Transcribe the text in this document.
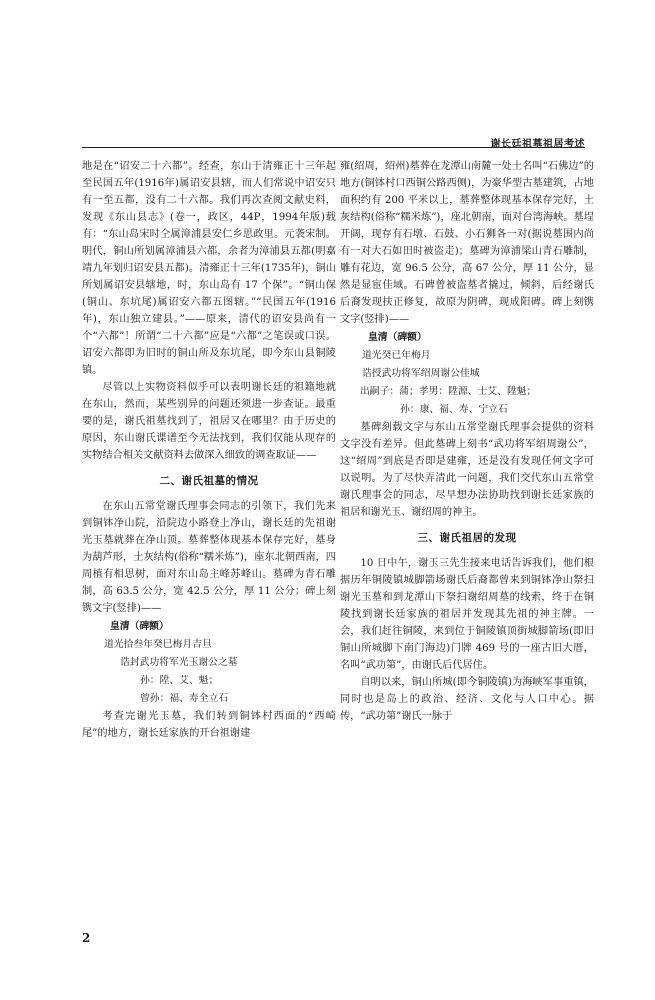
谢长廷祖墓祖居考述

地是在“诏安二十六都”。经查，东山于清雍正十三年起至民国五年(1916年)属诏安县辖，而人们常说中诏安只有一至五都，没有二十六都。我们再次查阅文献史料，发现《东山县志》(卷一，政区，44P，1994年版)载有：“东山岛宋时仝属漳浦县安仁乡思政里。元袭宋制。明代，铜山所划属漳浦县六都，余者为漳浦县五都(明嘉靖九年划归诏安县五都)。清雍正十三年(1735年)，铜山所划属诏安县辖地，时，东山岛有 17 个保”。“铜山保(铜山、东坑尾)属诏安六都五图辖。”“民国五年(1916年)，东山独立建县。”——原来，清代的诏安县尚有一个“六都”！所谓“二十六都”应是“六都”之笔误或口误。诏安六都即为旧时的铜山所及东坑尾，即今东山县铜陵镇。

尽管以上实物资料似乎可以表明谢长廷的祖籍地就在东山，然而，某些别异的问题还须进一步查证。最重要的是，谢氏祖墓找到了，祖居又在哪里？由于历史的原因，东山谢氏谍谱至今无法找到，我们仅能从现存的实物结合相关文献资料去做深入细致的调查取证——

二、谢氏祖墓的情况

在东山五常堂谢氏理事会同志的引领下，我们先来到铜钵净山院，沿院边小路登上净山，谢长廷的先祖谢光玉墓就葬在净山顶。墓葬整体现基本保存完好，墓身为葫芦形，土灰结构(俗称“糯米炼”)，座东北朝西南，四周植有相思树，面对东山岛主峰苏峰山。墓碑为青石雕制，高 63.5 公分，宽 42.5 公分，厚 11 公分；碑上刻镌文字(竖排)——

皇清（碑额）
道光拾叁年癸巳梅月吉旦
诰封武功将军光玉谢公之墓
孙：陞、艾、魁；
曾孙：福、寿全立石

考查完谢光玉墓，我们转到铜钵村西面的“西崎尾”的地方，谢长廷家族的开台祖谢建

雍(绍周，绍州)墓葬在龙潭山南麓一处土名叫“石佛边”的地方(铜钵村口西铜公路西侧)，为豪华型古墓建筑，占地面积约有 200 平米以上，墓葬整体现基本保存完好，土灰结构(俗称“糯米炼”)，座北朝南，面对台湾海峡。墓埕开阔，现存有石墩、石鼓、小石狮各一对(据说墓围内尚有一对大石如田时被盗走)；墓碑为漳浦梁山青石雕制，雕有花边，宽 96.5 公分，高 67 公分，厚 11 公分，显然是显宦佳域。石碑曾被盗墓者撬过，倾斜，后经谢氏后裔发现扶正修复，故原为阴碑，现成阳碑。碑上刻镌文字(竖排)——

皇清（碑额）
道光癸已年梅月
诰授武功将军绍周谢公佳城
出嗣子：蒲；孝男：陞源、士艾、陞魁；
孙：康、福、寿、宁立石

墓碑刻载文字与东山五常堂谢氏理事会提供的资料文字没有差异。但此墓碑上刻书“武功将军绍周谢公”，这“绍周”到底是否即是建雍，还是没有发现任何文字可以说明。为了尽快弄清此一问题，我们交代东山五常堂谢氏理事会的同志，尽早想办法协助找到谢长廷家族的祖居和谢光玉、谢绍周的神主。

三、谢氏祖居的发现

10 日中午，谢玉三先生接来电话告诉我们，他们根据历年铜陵镇城脚箭场谢氏后裔都曾来到铜钵净山祭扫谢光玉墓和到龙潭山下祭扫谢绍周墓的线索，终于在铜陵找到谢长廷家族的祖居并发现其先祖的神主牌。一会，我们赶往铜陵，来到位于铜陵镇顶街城脚箭场(即旧铜山所城脚下南门海边)门牌 469 号的一座古旧大厝，名叫“武功第”，由谢氏后代居住。

自明以来，铜山所城(即今铜陵镇)为海峡军事重镇，同时也是岛上的政治、经济、文化与人口中心。据传，“武功第”谢氏一脉于

2
